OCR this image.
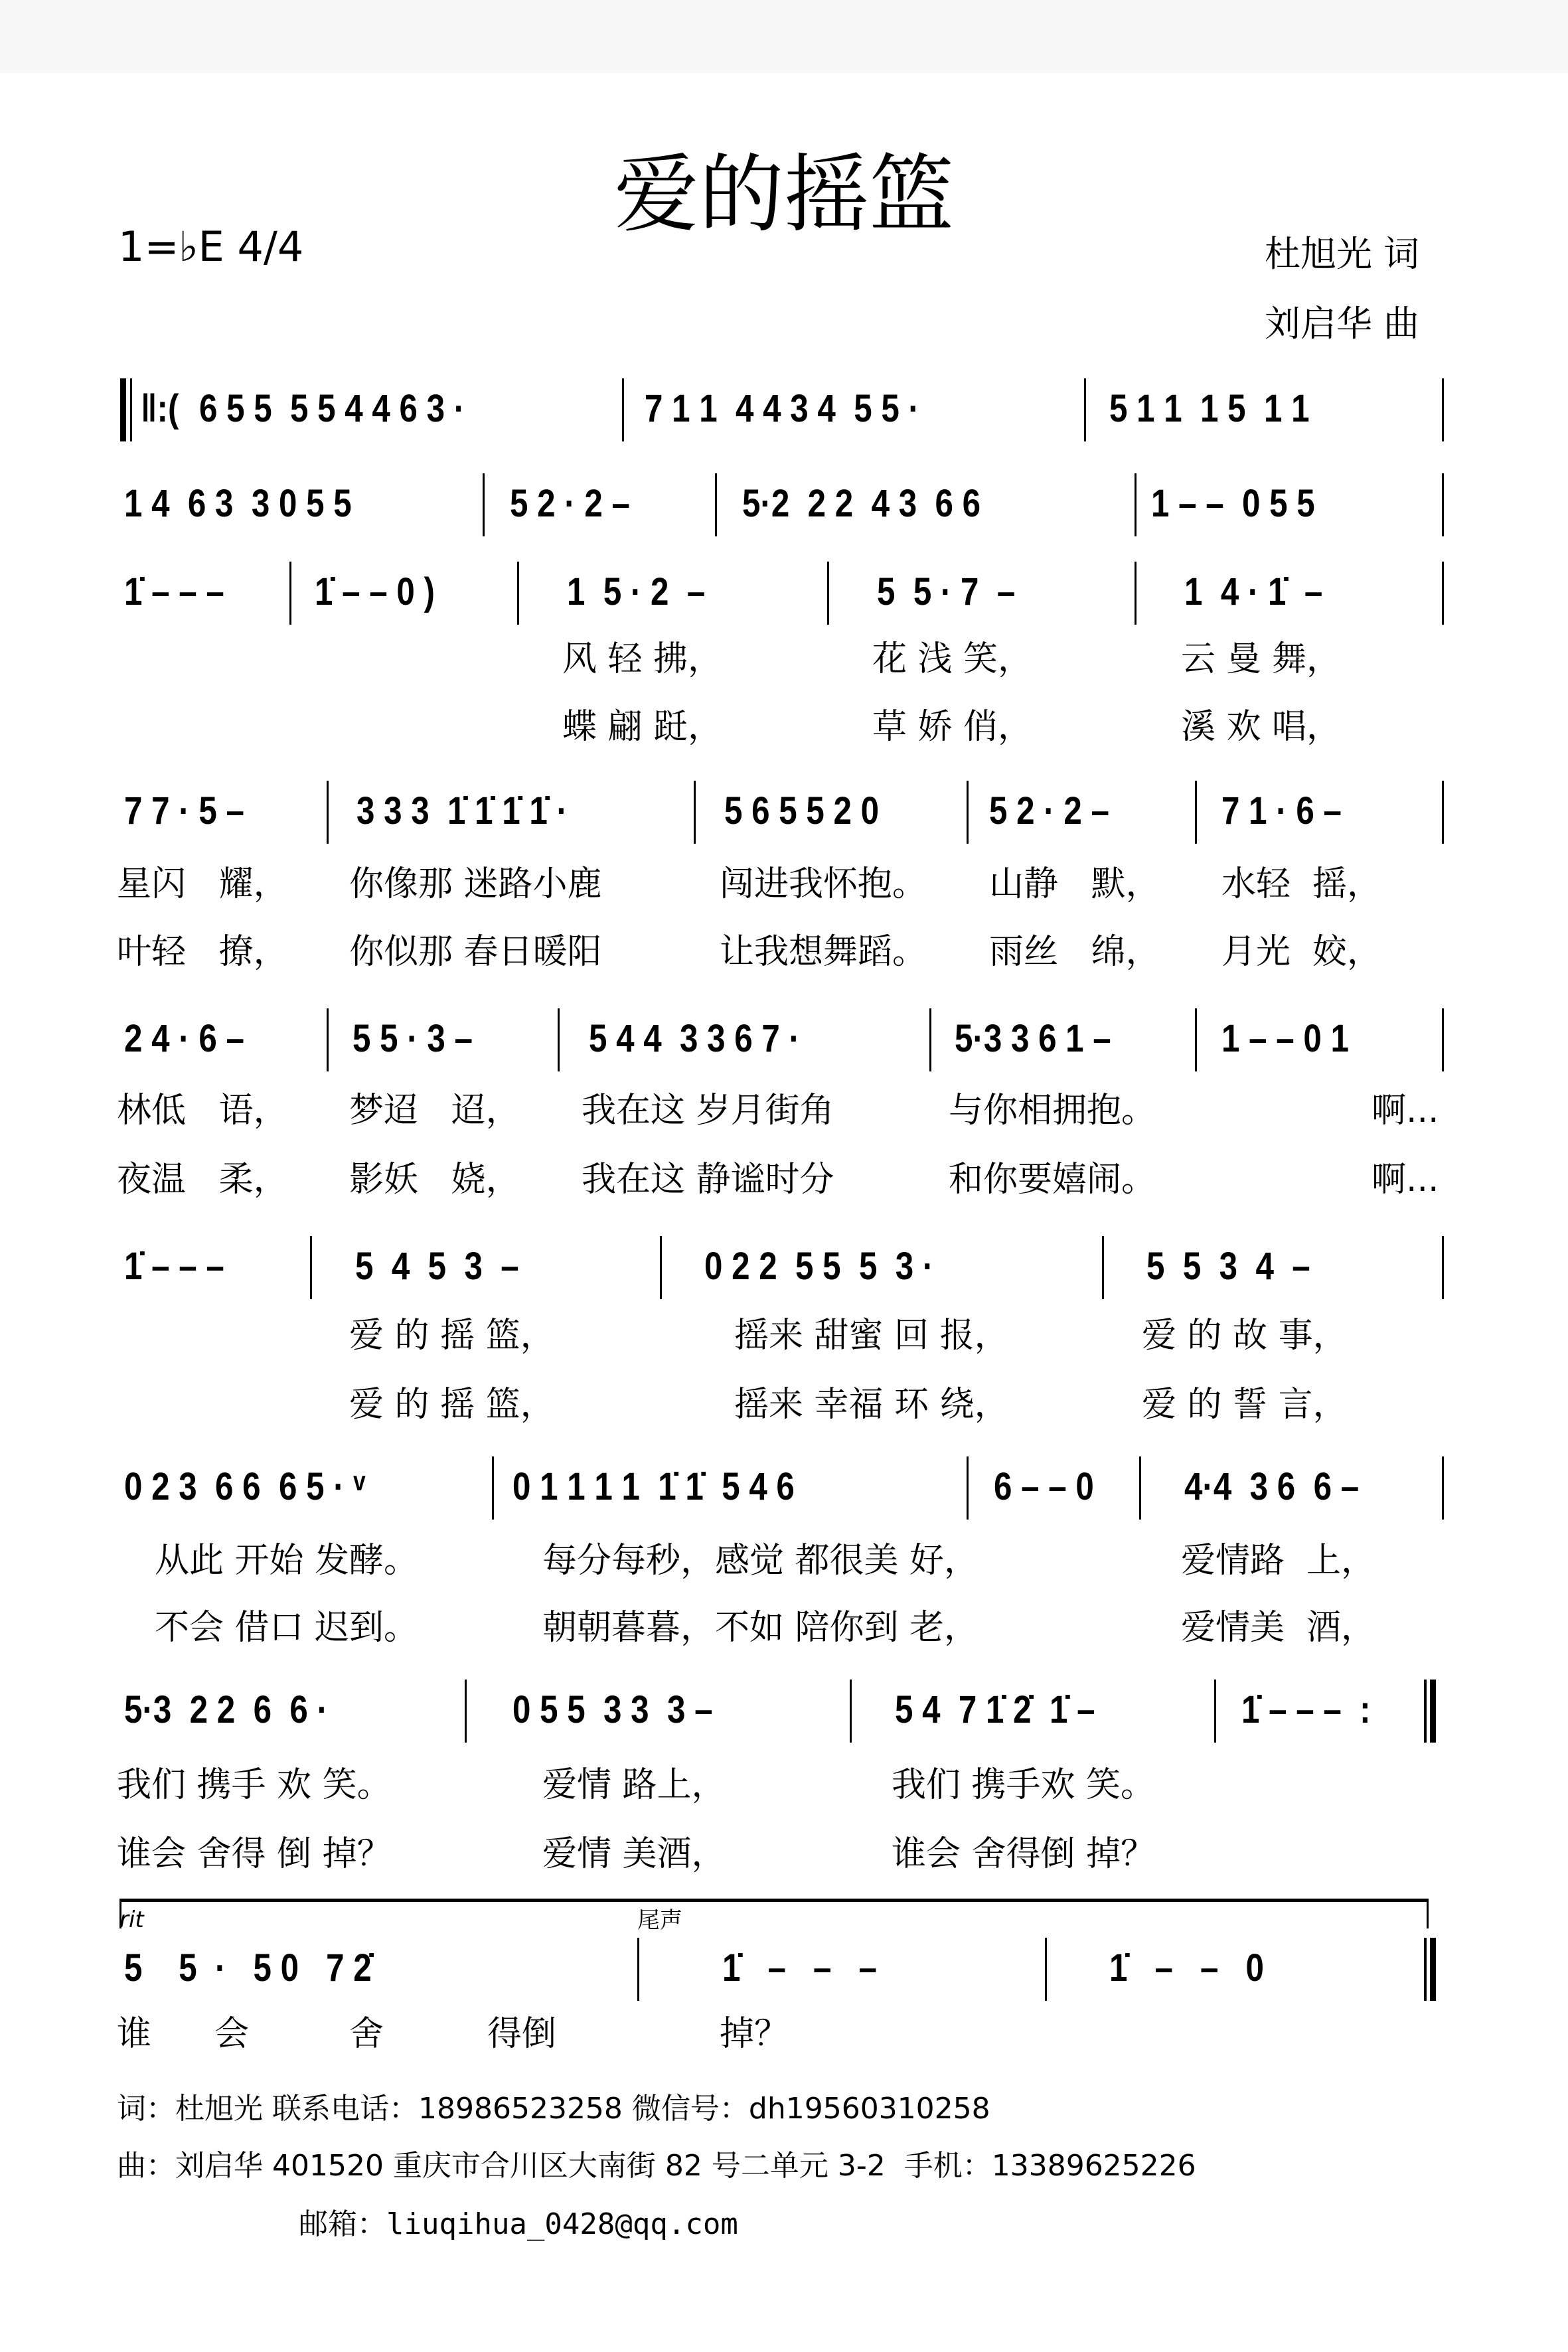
爱的摇篮
1=♭E 4/4	杜旭光 词
刘启华 曲
‖:( 6 5 5  5 5 4 4 6 3 ·	7 1 1  4 4 3 4  5 5 ·	5 1 1  1 5  1 1
1 4  6 3  3 0 5 5	5 2 · 2 –	5·2  2 2  4 3  6 6	1 – –  0 5 5
1̇ – – – 1̇ – – 0 )	1  5 · 2  –	5  5 · 7  –	1  4 · 1̇  –
风 轻 拂，	花 浅 笑，	云 曼 舞，
蝶 翩 跹，	草 娇 俏，	溪 欢 唱，
7 7 · 5 –	3 3 3  1̇ 1̇ 1̇ 1̇ ·	5 6 5 5 2 0	5 2 · 2 –	7 1 · 6 –
星闪   耀， 你像那 迷路小鹿	闯进我怀抱。 山静   默， 水轻  摇，
叶轻   撩， 你似那 春日暖阳	让我想舞蹈。 雨丝   绵， 月光  姣，
2 4 · 6 –	5 5 · 3 –	5 4 4  3 3 6 7 ·	5·3 3 6 1 –	1 – – 0 1
林低   语， 梦迢   迢， 我在这 岁月街角	与你相拥抱。	啊...
夜温   柔， 影妖   娆， 我在这 静谧时分	和你要嬉闹。	啊...
1̇ – – –	5  4  5  3  –	0 2 2  5 5  5  3 ·	5  5  3  4  –
爱 的 摇 篮，	摇来 甜蜜 回 报，	爱 的 故 事，
爱 的 摇 篮，	摇来 幸福 环 绕，	爱 的 誓 言，
0 2 3  6 6  6 5 · ᵛ	0 1 1 1 1  1̇ 1̇  5 4 6	6 – – 0 4·4  3 6  6 –
从此 开始 发酵。	每分每秒，感觉 都很美 好，	爱情路  上，
不会 借口 迟到。	朝朝暮暮，不如 陪你到 老，	爱情美  酒，
5·3  2 2  6  6 ·	0 5 5  3 3  3 –	5 4  7 1̇ 2̇  1̇ –	1̇ – – –  :
我们 携手 欢 笑。	爱情 路上，	我们 携手欢 笑。
谁会 舍得 倒 掉？	爱情 美酒，	谁会 舍得倒 掉？
rit	尾声
5    5  ·   5 0   7 2̇	1̇   –   –   –	1̇   –   –   0
谁 会	舍	得倒	掉？
词：杜旭光 联系电话：18986523258 微信号：dh19560310258
曲：刘启华 401520 重庆市合川区大南街 82 号二单元 3-2  手机：13389625226
邮箱：liuqihua_0428@qq.com
